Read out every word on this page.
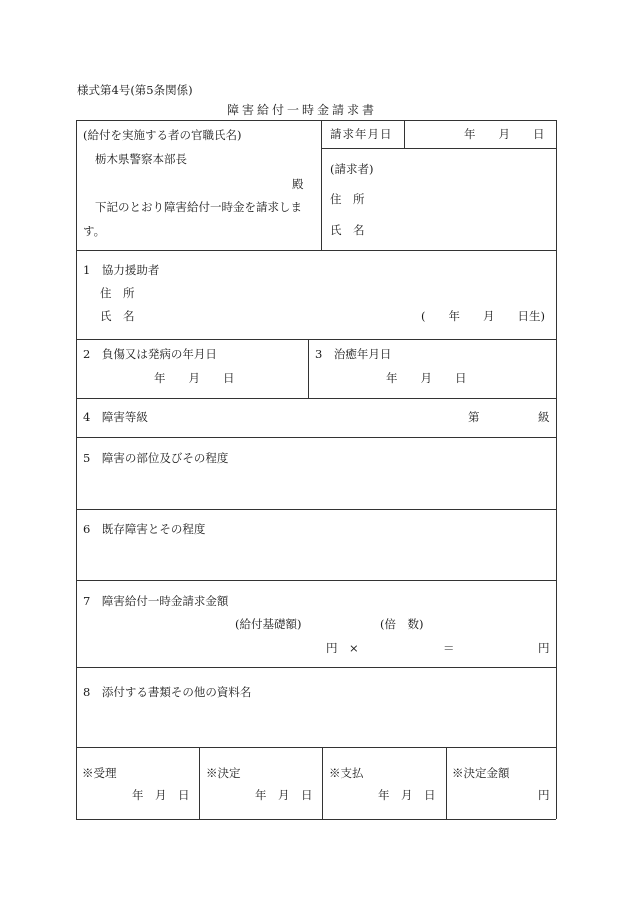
様式第4号(第5条関係)
障害給付一時金請求書
(給付を実施する者の官職氏名)
栃木県警察本部長
殿
下記のとおり障害給付一時金を請求しま
す。
請求年月日	年　　月　　日
(請求者)
住　所
氏　名
1　協力援助者
住　所
氏　名	(　　年　　月　　日生)
2　負傷又は発病の年月日
年　　月　　日
3　治癒年月日
年　　月　　日
4　障害等級	第	級
5　障害の部位及びその程度
6　既存障害とその程度
7　障害給付一時金請求金額
(給付基礎額)	(倍　数)
円　×	＝	円
8　添付する書類その他の資料名
※受理
年　月　日
※決定
年　月　日
※支払
年　月　日
※決定金額
円
